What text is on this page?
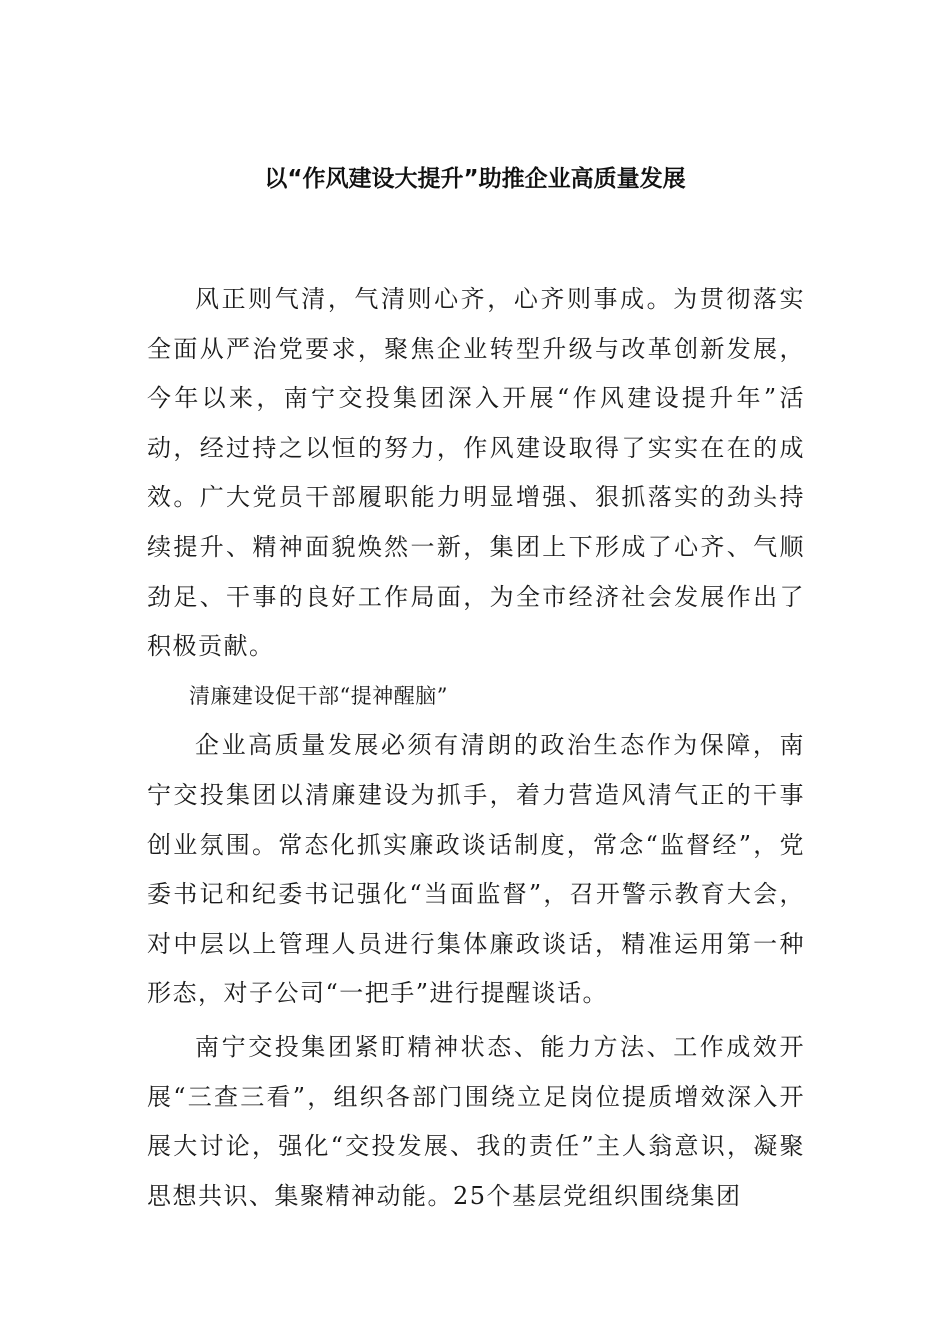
以“作风建设大提升”助推企业高质量发展

风正则气清，气清则心齐，心齐则事成。为贯彻落实全面从严治党要求，聚焦企业转型升级与改革创新发展，今年以来，南宁交投集团深入开展“作风建设提升年”活动，经过持之以恒的努力，作风建设取得了实实在在的成效。广大党员干部履职能力明显增强、狠抓落实的劲头持续提升、精神面貌焕然一新，集团上下形成了心齐、气顺劲足、干事的良好工作局面，为全市经济社会发展作出了积极贡献。

清廉建设促干部“提神醒脑”

企业高质量发展必须有清朗的政治生态作为保障，南宁交投集团以清廉建设为抓手，着力营造风清气正的干事创业氛围。常态化抓实廉政谈话制度，常念“监督经”，党委书记和纪委书记强化“当面监督”，召开警示教育大会，对中层以上管理人员进行集体廉政谈话，精准运用第一种形态，对子公司“一把手”进行提醒谈话。

南宁交投集团紧盯精神状态、能力方法、工作成效开展“三查三看”，组织各部门围绕立足岗位提质增效深入开展大讨论，强化“交投发展、我的责任”主人翁意识，凝聚思想共识、集聚精神动能。25个基层党组织围绕集团
